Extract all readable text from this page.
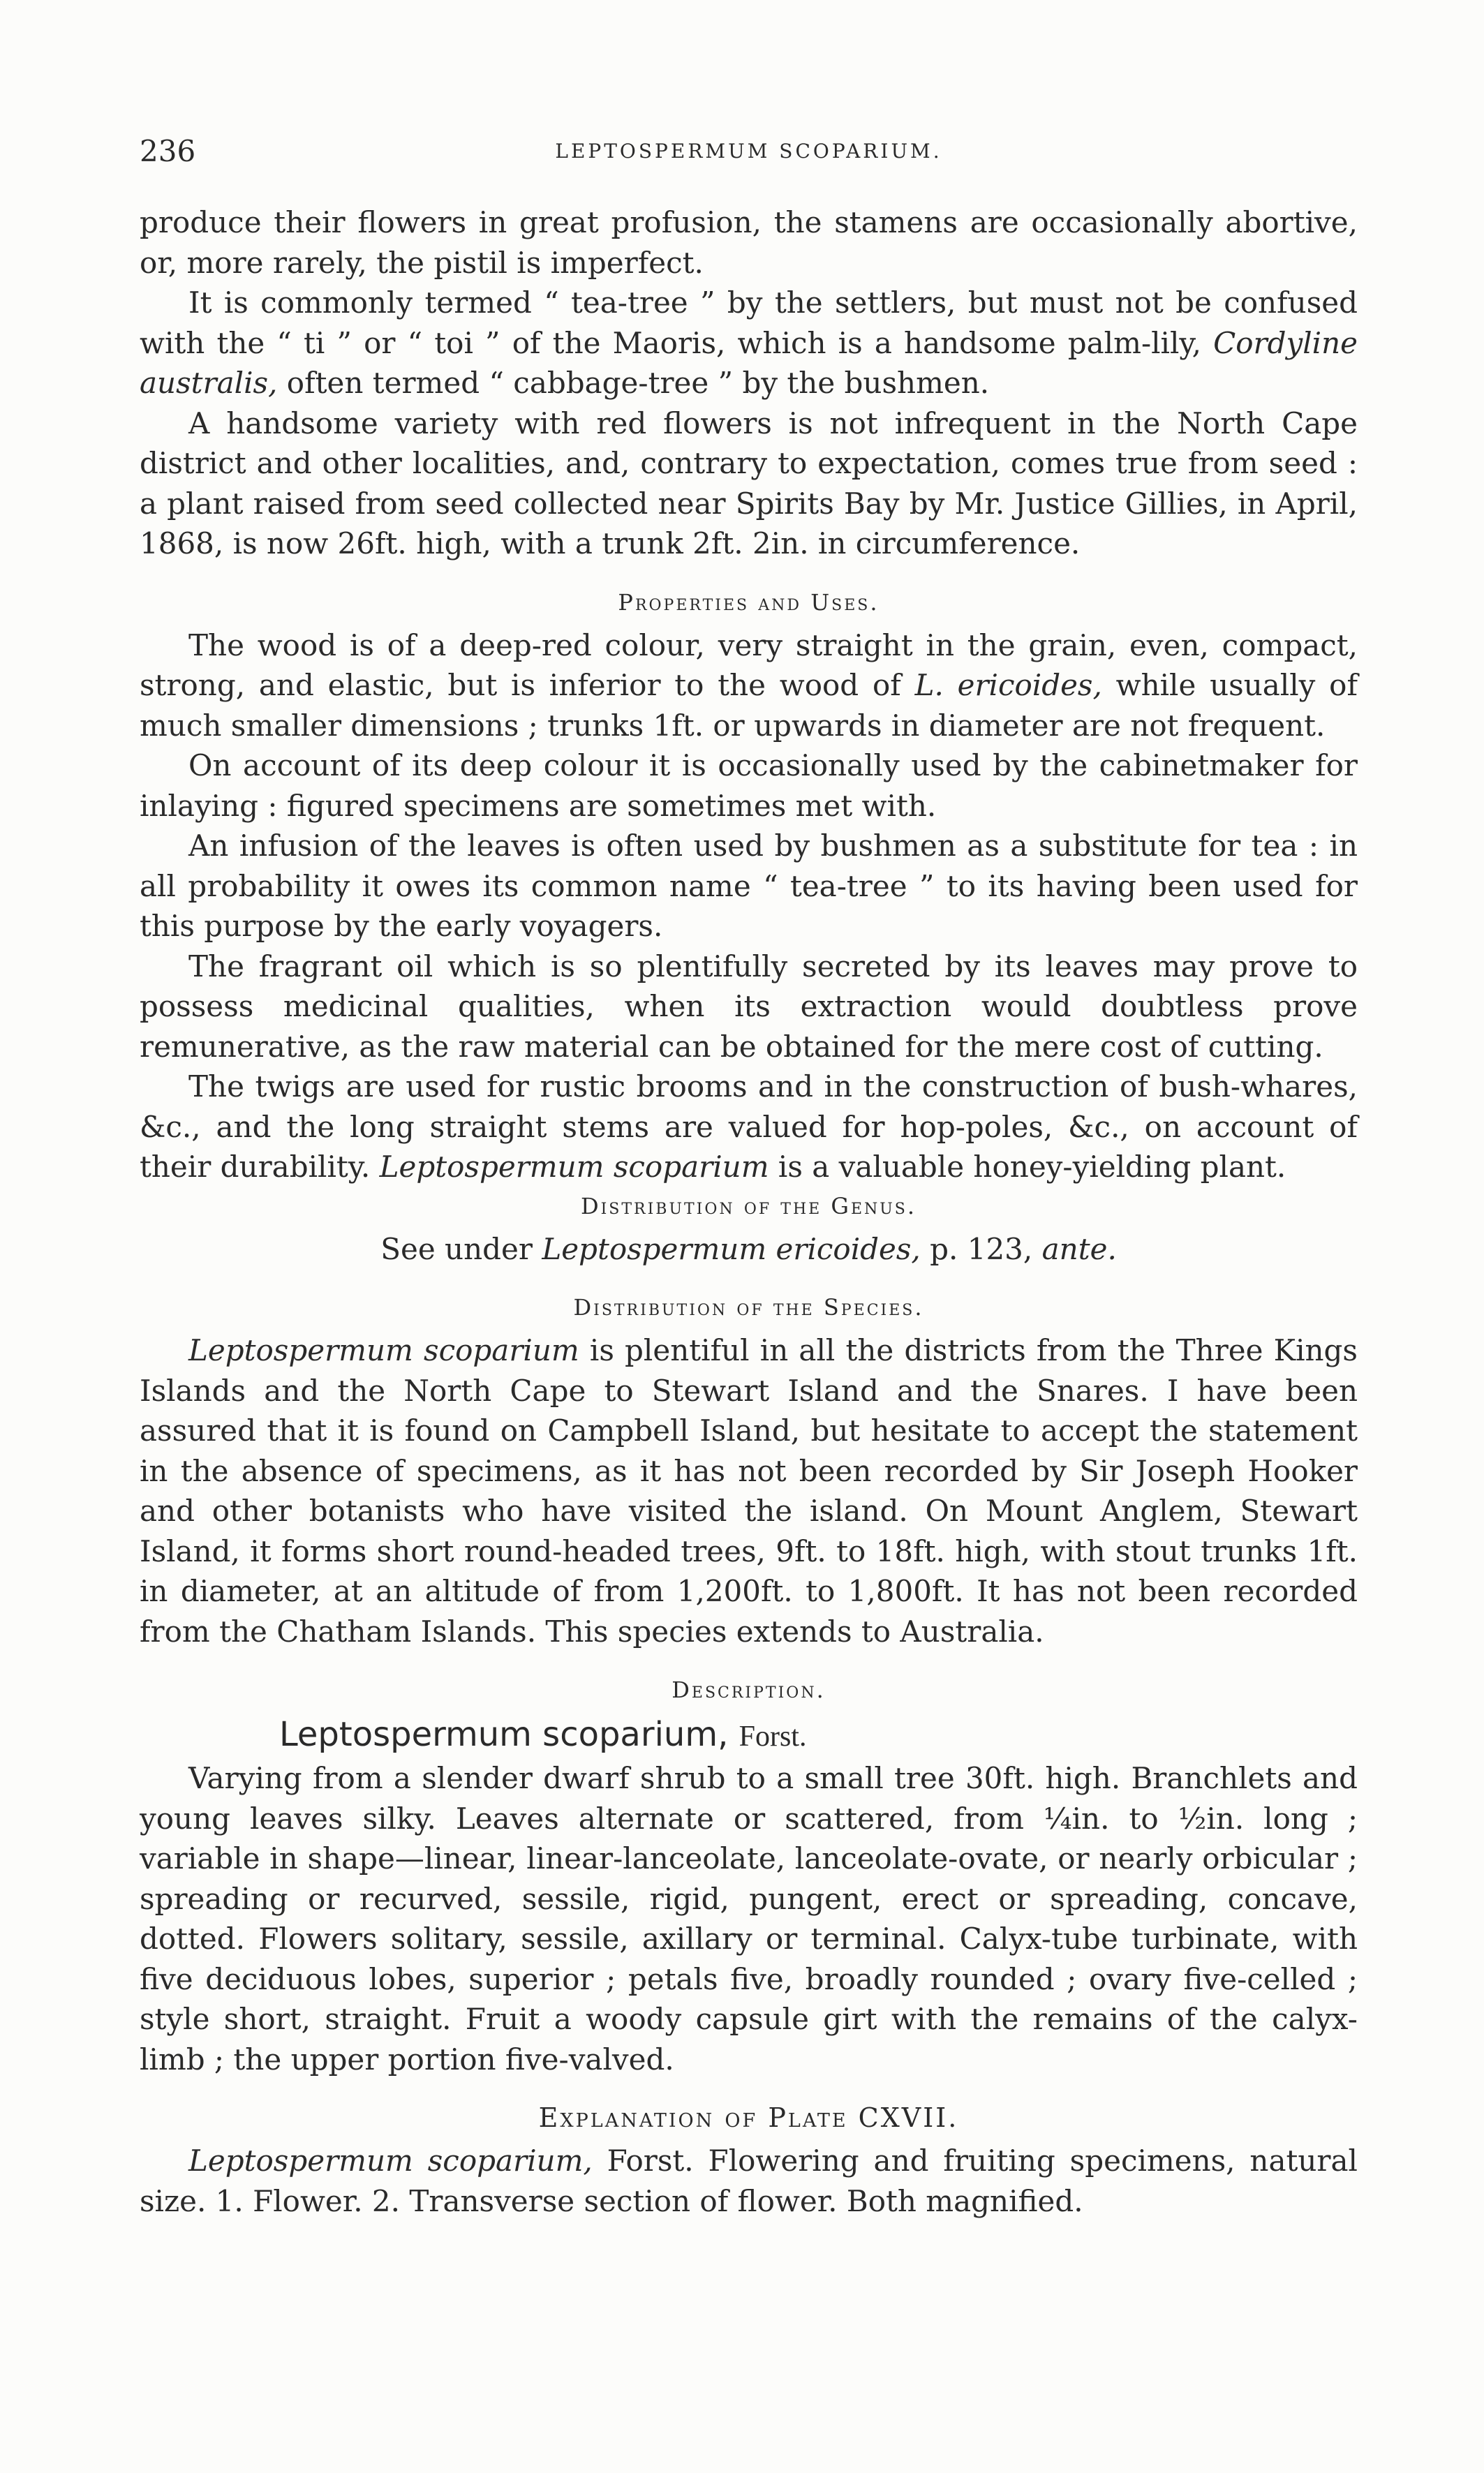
236	LEPTOSPERMUM SCOPARIUM.

produce their flowers in great profusion, the stamens are occasionally abortive, or, more rarely, the pistil is imperfect.

It is commonly termed “ tea-tree ” by the settlers, but must not be confused with the “ ti ” or “ toi ” of the Maoris, which is a handsome palm-lily, Cordyline australis, often termed “ cabbage-tree ” by the bushmen.

A handsome variety with red flowers is not infrequent in the North Cape district and other localities, and, contrary to expectation, comes true from seed : a plant raised from seed collected near Spirits Bay by Mr. Justice Gillies, in April, 1868, is now 26ft. high, with a trunk 2ft. 2in. in circumference.

Properties and Uses.

The wood is of a deep-red colour, very straight in the grain, even, compact, strong, and elastic, but is inferior to the wood of L. ericoides, while usually of much smaller dimensions ; trunks 1ft. or upwards in diameter are not frequent.

On account of its deep colour it is occasionally used by the cabinetmaker for inlaying : figured specimens are sometimes met with.

An infusion of the leaves is often used by bushmen as a substitute for tea : in all probability it owes its common name “ tea-tree ” to its having been used for this purpose by the early voyagers.

The fragrant oil which is so plentifully secreted by its leaves may prove to possess medicinal qualities, when its extraction would doubtless prove remunerative, as the raw material can be obtained for the mere cost of cutting.

The twigs are used for rustic brooms and in the construction of bush-whares, &c., and the long straight stems are valued for hop-poles, &c., on account of their durability. Leptospermum scoparium is a valuable honey-yielding plant.

Distribution of the Genus.

See under Leptospermum ericoides, p. 123, ante.

Distribution of the Species.

Leptospermum scoparium is plentiful in all the districts from the Three Kings Islands and the North Cape to Stewart Island and the Snares. I have been assured that it is found on Campbell Island, but hesitate to accept the statement in the absence of specimens, as it has not been recorded by Sir Joseph Hooker and other botanists who have visited the island. On Mount Anglem, Stewart Island, it forms short round-headed trees, 9ft. to 18ft. high, with stout trunks 1ft. in diameter, at an altitude of from 1,200ft. to 1,800ft. It has not been recorded from the Chatham Islands. This species extends to Australia.

Description.
Leptospermum scoparium, Forst.

Varying from a slender dwarf shrub to a small tree 30ft. high. Branchlets and young leaves silky. Leaves alternate or scattered, from ¼in. to ½in. long ; variable in shape—linear, linear-lanceolate, lanceolate-ovate, or nearly orbicular ; spreading or recurved, sessile, rigid, pungent, erect or spreading, concave, dotted. Flowers solitary, sessile, axillary or terminal. Calyx-tube turbinate, with five deciduous lobes, superior ; petals five, broadly rounded ; ovary five-celled ; style short, straight. Fruit a woody capsule girt with the remains of the calyx-limb ; the upper portion five-valved.

Explanation of Plate CXVII.

Leptospermum scoparium, Forst. Flowering and fruiting specimens, natural size. 1. Flower. 2. Transverse section of flower. Both magnified.
